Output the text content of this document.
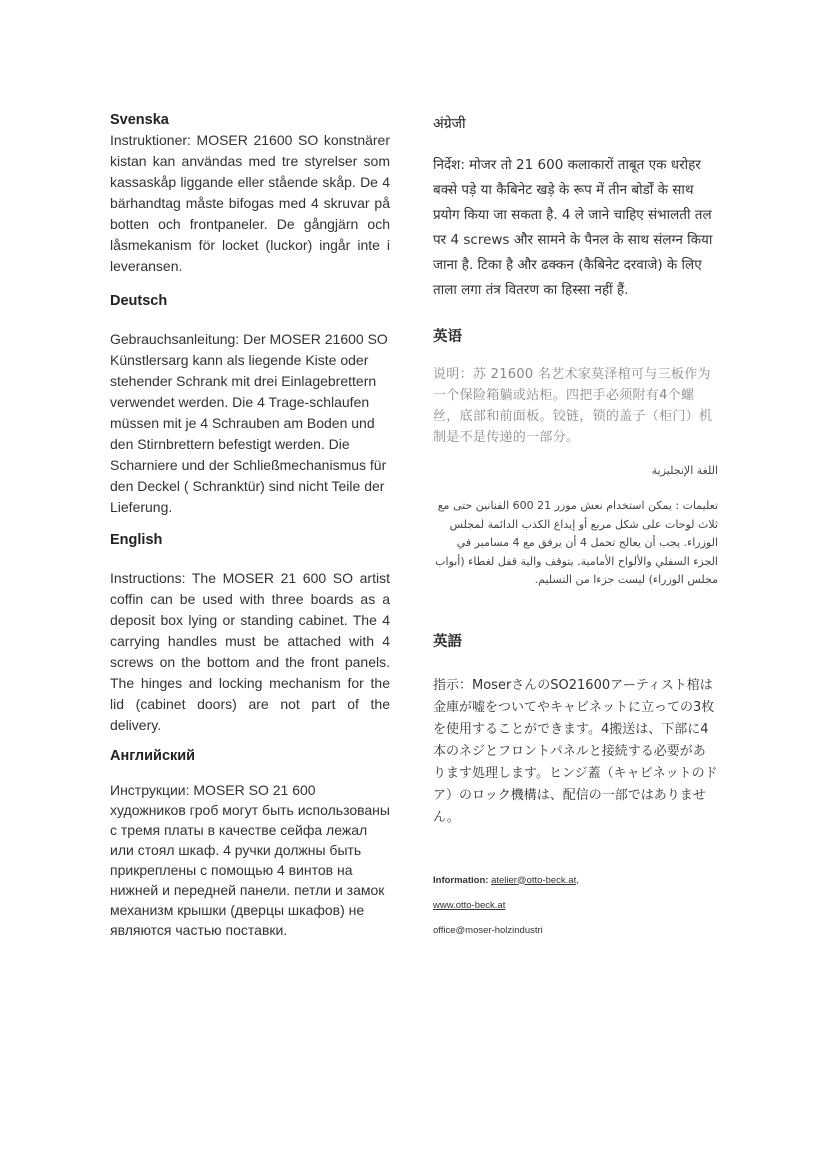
Svenska

Instruktioner: MOSER 21600 SO konstnärer kistan kan användas med tre styrelser som kassaskåp liggande eller stående skåp. De 4 bärhandtag måste bifogas med 4 skruvar på botten och frontpaneler. De gångjärn och låsmekanism för locket (luckor) ingår inte i leveransen.

Deutsch

Gebrauchsanleitung: Der MOSER 21600 SO Künstlersarg kann als liegende Kiste oder stehender Schrank mit drei Einlagebrettern verwendet werden. Die 4 Trage-schlaufen müssen mit je 4 Schrauben am Boden und den Stirnbrettern befestigt werden. Die Scharniere und der Schließmechanismus für den Deckel ( Schranktür) sind nicht Teile der Lieferung.

English

Instructions: The MOSER 21 600 SO artist coffin can be used with three boards as a deposit box lying or standing cabinet. The 4 carrying handles must be attached with 4 screws on the bottom and the front panels. The hinges and locking mechanism for the lid (cabinet doors) are not part of the delivery.

Английский

Инструкции: MOSER SO 21 600 художников гроб могут быть использованы с тремя платы в качестве сейфа лежал или стоял шкаф. 4 ручки должны быть прикреплены с помощью 4 винтов на нижней и передней панели. петли и замок механизм крышки (дверцы шкафов) не являются частью поставки.

अंग्रेजी

निर्देश: मोजर तो 21 600 कलाकारों ताबूत एक धरोहर बक्से पड़े या कैबिनेट खड़े के रूप में तीन बोर्डों के साथ प्रयोग किया जा सकता है. 4 ले जाने चाहिए संभालती तल पर 4 screws और सामने के पैनल के साथ संलग्न किया जाना है. टिका है और ढक्कन (कैबिनेट दरवाजे) के लिए ताला लगा तंत्र वितरण का हिस्सा नहीं हैं.

英语

说明：苏 21600 名艺术家莫泽棺可与三板作为一个保险箱躺或站柜。四把手必须附有4个螺丝，底部和前面板。铰链，锁的盖子（柜门）机制是不是传递的一部分。

اللغة الإنجليزية

تعليمات : يمكن استخدام نعش موزر 21 600 الفنانين حتى مع ثلاث لوحات على شكل مربع أو إيداع الكذب الدائمة لمجلس الوزراء. يجب أن يعالج تحمل 4 أن يرفق مع 4 مسامير في الجزء السفلي والألواح الأمامية. يتوقف والية قفل لغطاء (أبواب مجلس الوزراء) ليست جزءا من التسليم.

英語

指示：MoserさんのSO21600アーティスト棺は金庫が嘘をついてやキャビネットに立っての3枚を使用することができます。4搬送は、下部に4本のネジとフロントパネルと接続する必要があります処理します。ヒンジ蓋（キャビネットのドア）のロック機構は、配信の一部ではありません。

Information: atelier@otto-beck.at,
www.otto-beck.at
office@moser-holzindustri
